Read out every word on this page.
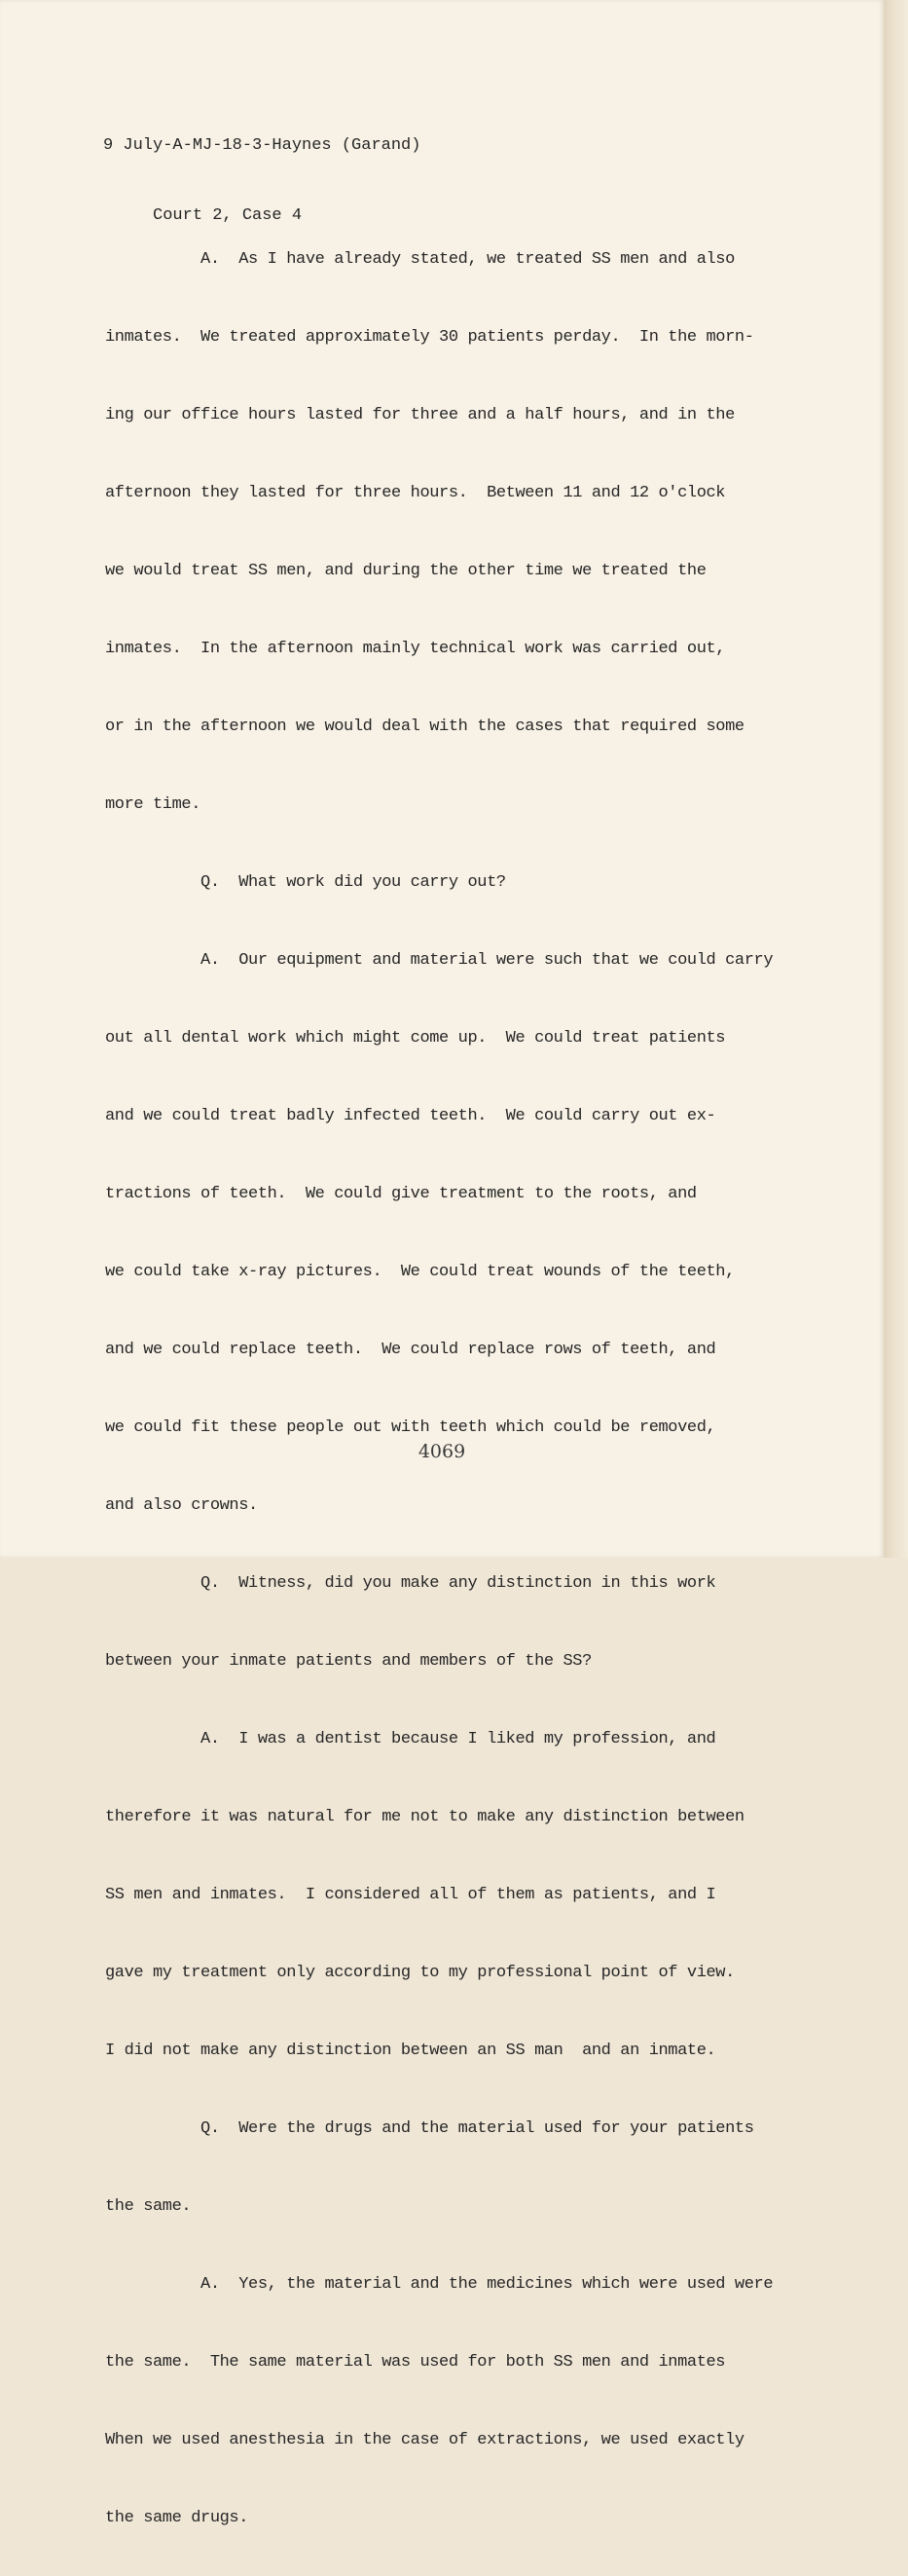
9 July-A-MJ-18-3-Haynes (Garand)

Court 2, Case 4

A.  As I have already stated, we treated SS men and also

inmates.  We treated approximately 30 patients perday.  In the morn-

ing our office hours lasted for three and a half hours, and in the

afternoon they lasted for three hours.  Between 11 and 12 o'clock

we would treat SS men, and during the other time we treated the

inmates.  In the afternoon mainly technical work was carried out,

or in the afternoon we would deal with the cases that required some

more time.

Q.  What work did you carry out?

A.  Our equipment and material were such that we could carry

out all dental work which might come up.  We could treat patients

and we could treat badly infected teeth.  We could carry out ex-

tractions of teeth.  We could give treatment to the roots, and

we could take x-ray pictures.  We could treat wounds of the teeth,

and we could replace teeth.  We could replace rows of teeth, and

we could fit these people out with teeth which could be removed,

and also crowns.

Q.  Witness, did you make any distinction in this work

between your inmate patients and members of the SS?

A.  I was a dentist because I liked my profession, and

therefore it was natural for me not to make any distinction between

SS men and inmates.  I considered all of them as patients, and I

gave my treatment only according to my professional point of view.

I did not make any distinction between an SS man  and an inmate.

Q.  Were the drugs and the material used for your patients

the same.

A.  Yes, the material and the medicines which were used were

the same.  The same material was used for both SS men and inmates

When we used anesthesia in the case of extractions, we used exactly

the same drugs.

4069
